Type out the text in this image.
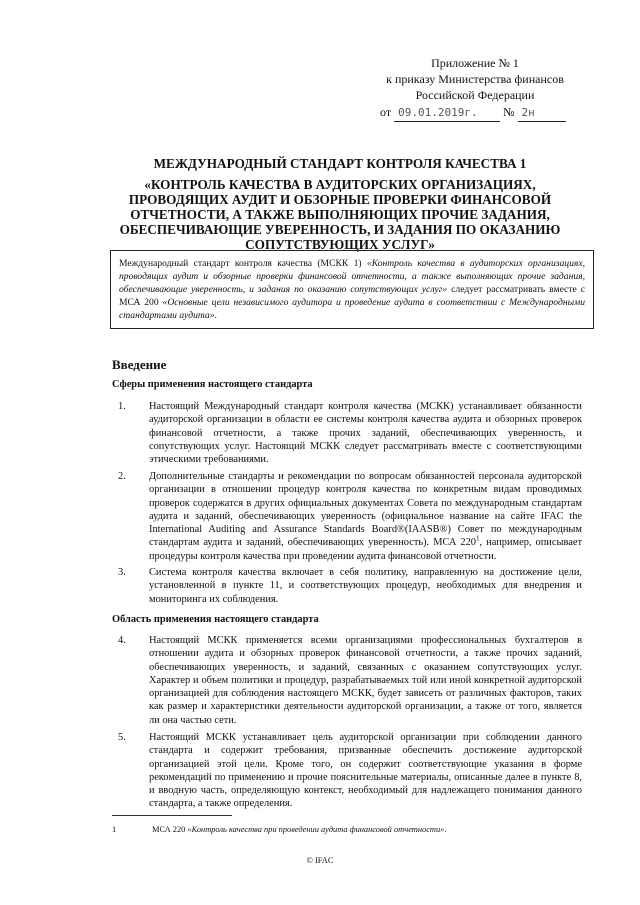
Приложение № 1
к приказу Министерства финансов
Российской Федерации
от 09.01.2019г. № 2н
МЕЖДУНАРОДНЫЙ СТАНДАРТ КОНТРОЛЯ КАЧЕСТВА 1
«КОНТРОЛЬ КАЧЕСТВА В АУДИТОРСКИХ ОРГАНИЗАЦИЯХ, ПРОВОДЯЩИХ АУДИТ И ОБЗОРНЫЕ ПРОВЕРКИ ФИНАНСОВОЙ ОТЧЕТНОСТИ, А ТАКЖЕ ВЫПОЛНЯЮЩИХ ПРОЧИЕ ЗАДАНИЯ, ОБЕСПЕЧИВАЮЩИЕ УВЕРЕННОСТЬ, И ЗАДАНИЯ ПО ОКАЗАНИЮ СОПУТСТВУЮЩИХ УСЛУГ»
Международный стандарт контроля качества (МСКК 1) «Контроль качества в аудиторских организациях, проводящих аудит и обзорные проверки финансовой отчетности, а также выполняющих прочие задания, обеспечивающие уверенность, и задания по оказанию сопутствующих услуг» следует рассматривать вместе с МСА 200 «Основные цели независимого аудитора и проведение аудита в соответствии с Международными стандартами аудита».
Введение
Сферы применения настоящего стандарта
1. Настоящий Международный стандарт контроля качества (МСКК) устанавливает обязанности аудиторской организации в области ее системы контроля качества аудита и обзорных проверок финансовой отчетности, а также прочих заданий, обеспечивающих уверенность, и сопутствующих услуг. Настоящий МСКК следует рассматривать вместе с соответствующими этическими требованиями.
2. Дополнительные стандарты и рекомендации по вопросам обязанностей персонала аудиторской организации в отношении процедур контроля качества по конкретным видам проводимых проверок содержатся в других официальных документах Совета по международным стандартам аудита и заданий, обеспечивающих уверенность (официальное название на сайте IFAC the International Auditing and Assurance Standards Board®(IAASB®) Совет по международным стандартам аудита и заданий, обеспечивающих уверенность). МСА $220^1$, например, описывает процедуры контроля качества при проведении аудита финансовой отчетности.
3. Система контроля качества включает в себя политику, направленную на достижение цели, установленной в пункте 11, и соответствующих процедур, необходимых для внедрения и мониторинга их соблюдения.
Область применения настоящего стандарта
4. Настоящий МСКК применяется всеми организациями профессиональных бухгалтеров в отношении аудита и обзорных проверок финансовой отчетности, а также прочих заданий, обеспечивающих уверенность, и заданий, связанных с оказанием сопутствующих услуг. Характер и объем политики и процедур, разрабатываемых той или иной конкретной аудиторской организацией для соблюдения настоящего МСКК, будет зависеть от различных факторов, таких как размер и характеристики деятельности аудиторской организации, а также от того, является ли она частью сети.
5. Настоящий МСКК устанавливает цель аудиторской организации при соблюдении данного стандарта и содержит требования, призванные обеспечить достижение аудиторской организацией этой цели. Кроме того, он содержит соответствующие указания в форме рекомендаций по применению и прочие пояснительные материалы, описанные далее в пункте 8, и вводную часть, определяющую контекст, необходимый для надлежащего понимания данного стандарта, а также определения.
1	МСА 220 «Контроль качества при проведении аудита финансовой отчетности».
© IFAC
